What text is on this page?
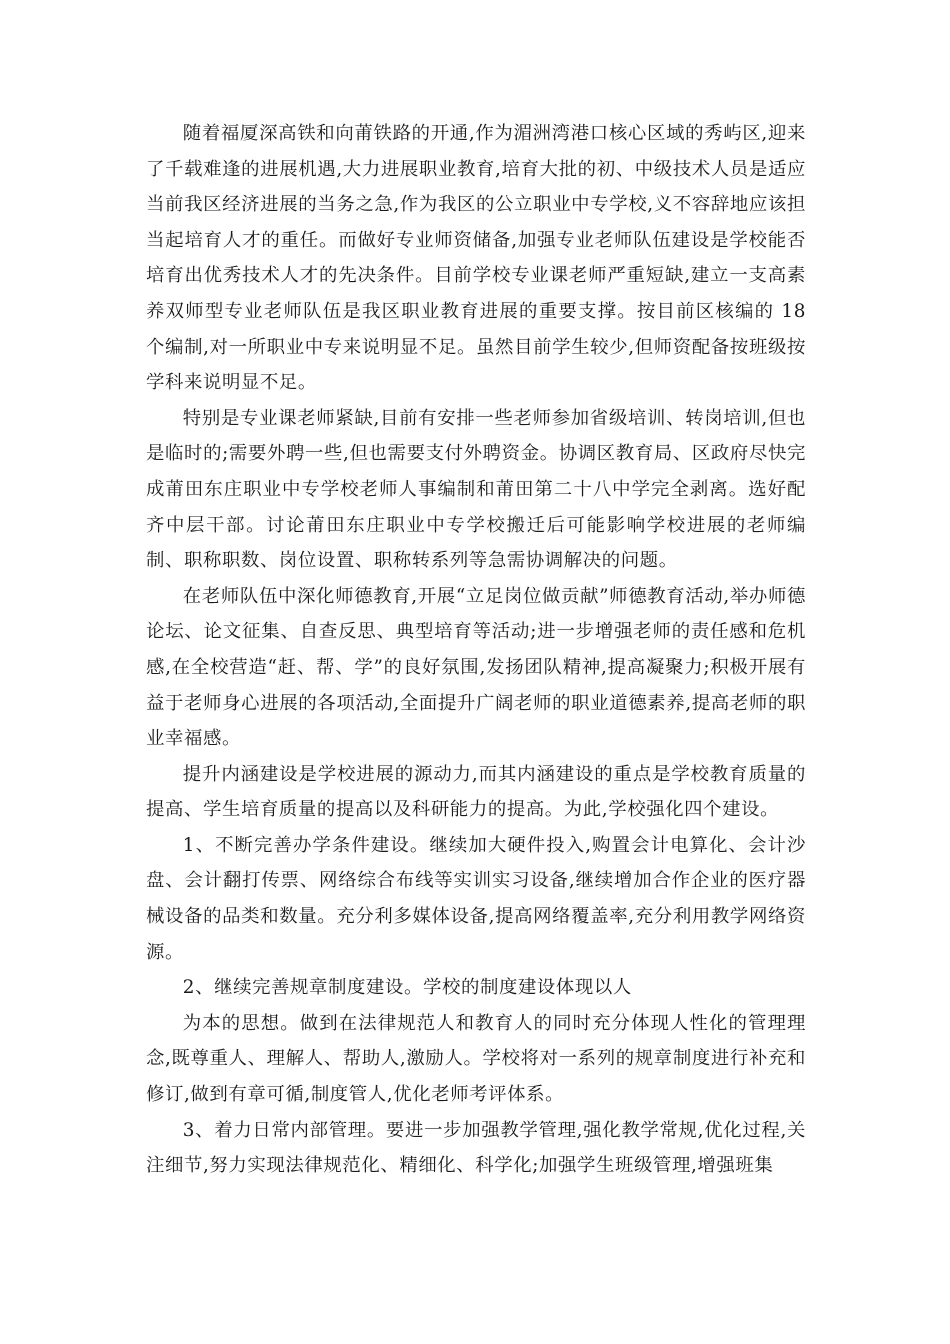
随着福厦深高铁和向莆铁路的开通,作为湄洲湾港口核心区域的秀屿区,迎来了千载难逢的进展机遇,大力进展职业教育,培育大批的初、中级技术人员是适应当前我区经济进展的当务之急,作为我区的公立职业中专学校,义不容辞地应该担当起培育人才的重任。而做好专业师资储备,加强专业老师队伍建设是学校能否培育出优秀技术人才的先决条件。目前学校专业课老师严重短缺,建立一支高素养双师型专业老师队伍是我区职业教育进展的重要支撑。按目前区核编的 18 个编制,对一所职业中专来说明显不足。虽然目前学生较少,但师资配备按班级按学科来说明显不足。

特别是专业课老师紧缺,目前有安排一些老师参加省级培训、转岗培训,但也是临时的;需要外聘一些,但也需要支付外聘资金。协调区教育局、区政府尽快完成莆田东庄职业中专学校老师人事编制和莆田第二十八中学完全剥离。选好配齐中层干部。讨论莆田东庄职业中专学校搬迁后可能影响学校进展的老师编制、职称职数、岗位设置、职称转系列等急需协调解决的问题。

在老师队伍中深化师德教育,开展“立足岗位做贡献”师德教育活动,举办师德论坛、论文征集、自查反思、典型培育等活动;进一步增强老师的责任感和危机感,在全校营造“赶、帮、学”的良好氛围,发扬团队精神,提高凝聚力;积极开展有益于老师身心进展的各项活动,全面提升广阔老师的职业道德素养,提高老师的职业幸福感。

提升内涵建设是学校进展的源动力,而其内涵建设的重点是学校教育质量的提高、学生培育质量的提高以及科研能力的提高。为此,学校强化四个建设。

1、不断完善办学条件建设。继续加大硬件投入,购置会计电算化、会计沙盘、会计翻打传票、网络综合布线等实训实习设备,继续增加合作企业的医疗器械设备的品类和数量。充分利多媒体设备,提高网络覆盖率,充分利用教学网络资源。

2、继续完善规章制度建设。学校的制度建设体现以人

为本的思想。做到在法律规范人和教育人的同时充分体现人性化的管理理念,既尊重人、理解人、帮助人,激励人。学校将对一系列的规章制度进行补充和修订,做到有章可循,制度管人,优化老师考评体系。

3、着力日常内部管理。要进一步加强教学管理,强化教学常规,优化过程,关注细节,努力实现法律规范化、精细化、科学化;加强学生班级管理,增强班集
